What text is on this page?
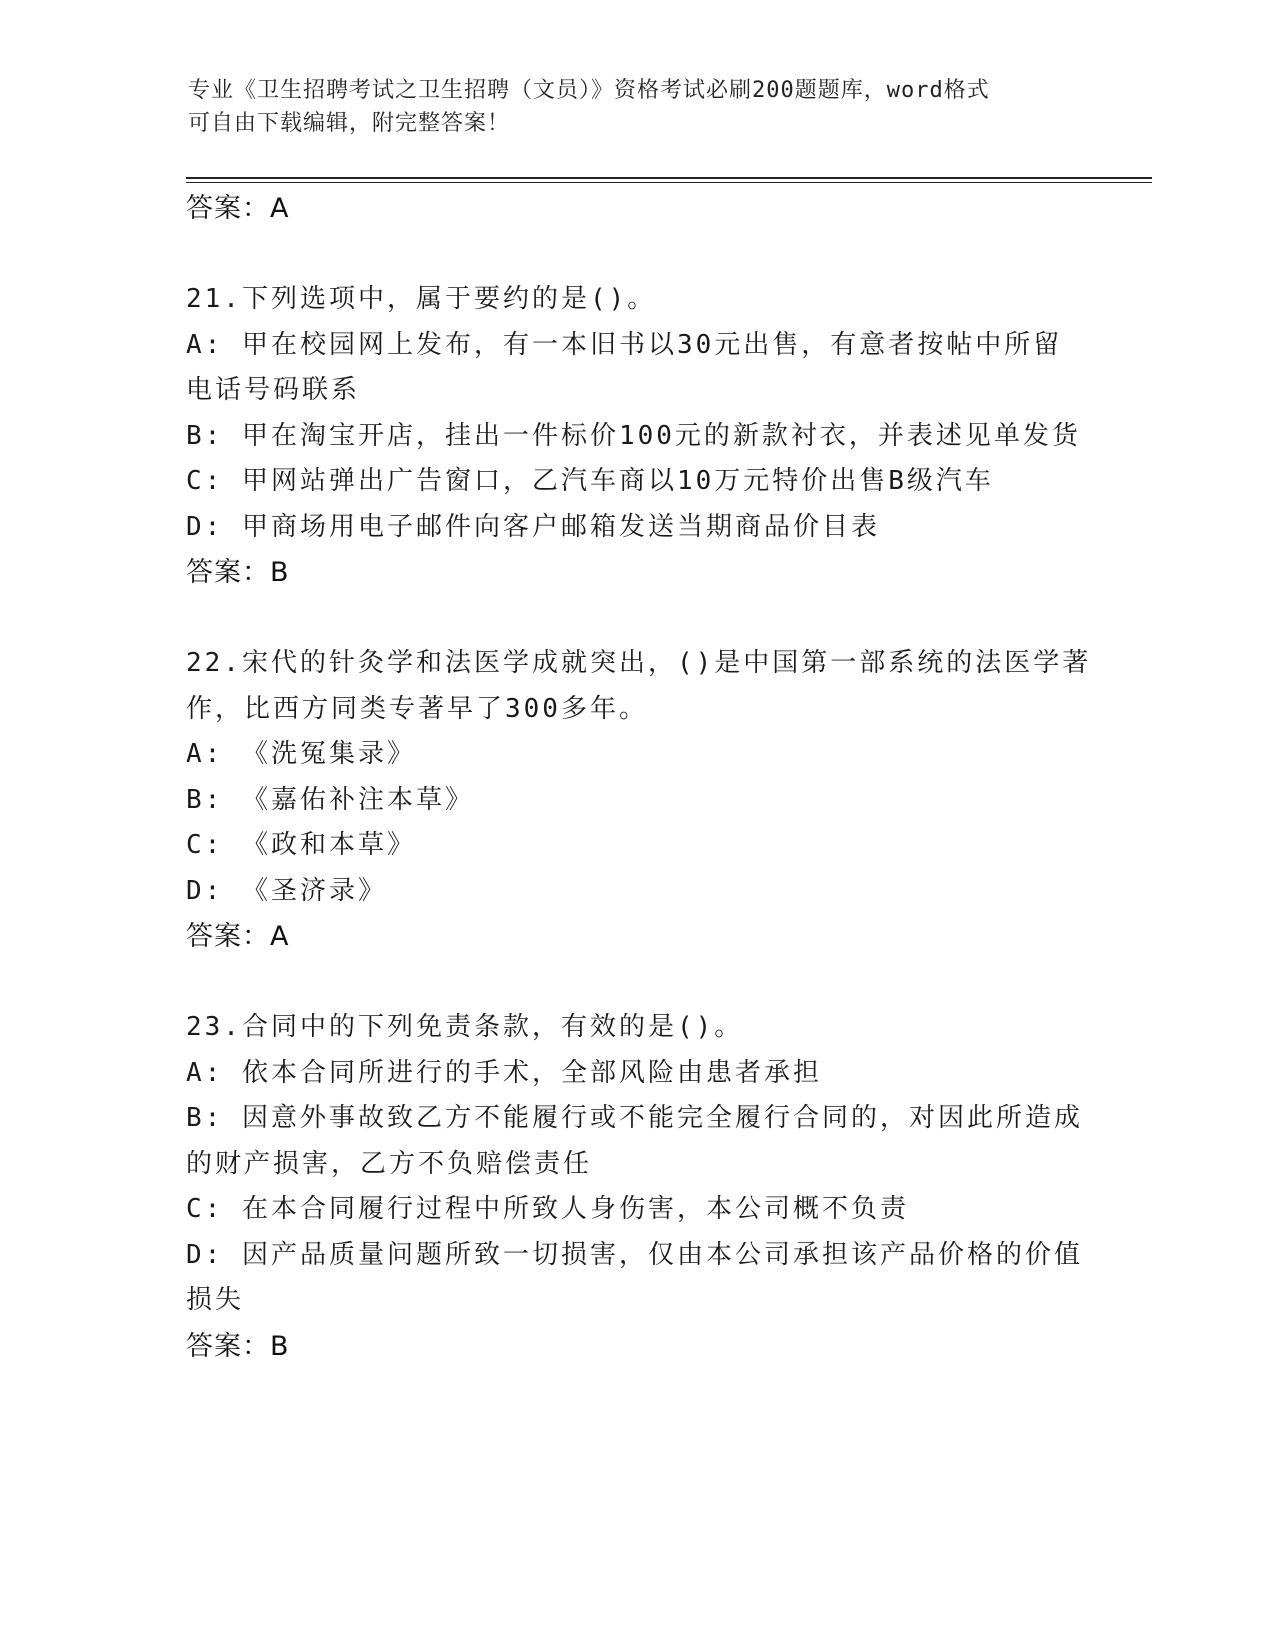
专业《卫生招聘考试之卫生招聘（文员）》资格考试必刷200题题库，word格式
可自由下载编辑，附完整答案！
答案：A
21.下列选项中，属于要约的是()。
A: 甲在校园网上发布，有一本旧书以30元出售，有意者按帖中所留
电话号码联系
B: 甲在淘宝开店，挂出一件标价100元的新款衬衣，并表述见单发货
C: 甲网站弹出广告窗口，乙汽车商以10万元特价出售B级汽车
D: 甲商场用电子邮件向客户邮箱发送当期商品价目表
答案：B
22.宋代的针灸学和法医学成就突出，()是中国第一部系统的法医学著
作，比西方同类专著早了300多年。
A: 《洗冤集录》
B: 《嘉佑补注本草》
C: 《政和本草》
D: 《圣济录》
答案：A
23.合同中的下列免责条款，有效的是()。
A: 依本合同所进行的手术，全部风险由患者承担
B: 因意外事故致乙方不能履行或不能完全履行合同的，对因此所造成
的财产损害，乙方不负赔偿责任
C: 在本合同履行过程中所致人身伤害，本公司概不负责
D: 因产品质量问题所致一切损害，仅由本公司承担该产品价格的价值
损失
答案：B
